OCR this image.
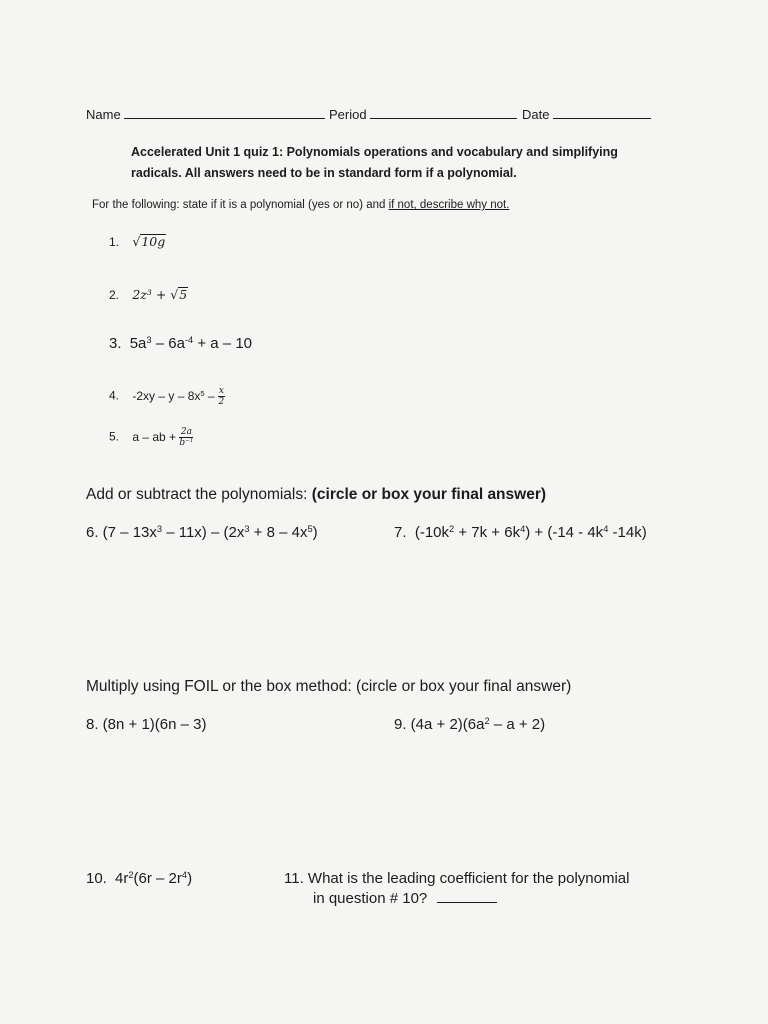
Name	Period	Date
Accelerated Unit 1 quiz 1: Polynomials operations and vocabulary and simplifying
radicals. All answers need to be in standard form if a polynomial.
For the following: state if it is a polynomial (yes or no) and if not, describe why not.
1. √10g
2. $2z^3 + √5$
3. $5a^3 - 6a^{-4} + a - 10$
4. -2xy – y – $8x^5 - \frac{x}{2}$
5. a – ab + $\frac{2a}{b^{-1}}$
Add or subtract the polynomials: (circle or box your final answer)
6. $(7 - 13x^3 - 11x) - (2x^3 + 8 - 4x^5)$	7.  $(-10k^2 + 7k + 6k^4) + (-14 - 4k^4$ -14k)
Multiply using FOIL or the box method: (circle or box your final answer)
8. (8n + 1)(6n – 3)	9. $(4a + 2)(6a^2 - a + 2)$
10. $4r^2(6r - 2r^4)$	11. What is the leading coefficient for the polynomial
in question # 10?
